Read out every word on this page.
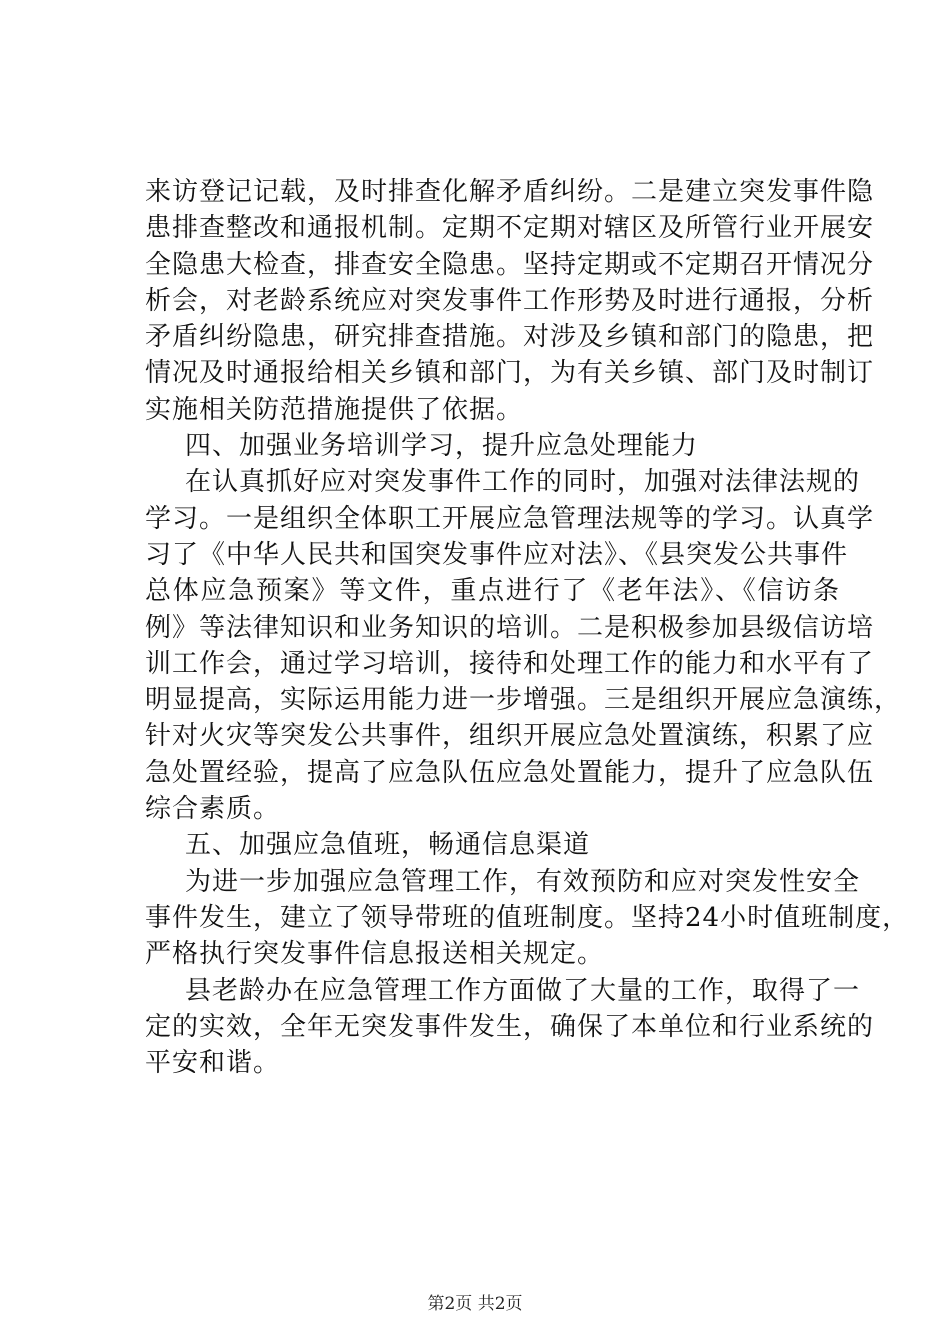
来访登记记载，及时排查化解矛盾纠纷。二是建立突发事件隐
患排查整改和通报机制。定期不定期对辖区及所管行业开展安
全隐患大检查，排查安全隐患。坚持定期或不定期召开情况分
析会，对老龄系统应对突发事件工作形势及时进行通报，分析
矛盾纠纷隐患，研究排查措施。对涉及乡镇和部门的隐患，把
情况及时通报给相关乡镇和部门，为有关乡镇、部门及时制订
实施相关防范措施提供了依据。
四、加强业务培训学习，提升应急处理能力
在认真抓好应对突发事件工作的同时，加强对法律法规的
学习。一是组织全体职工开展应急管理法规等的学习。认真学
习了《中华人民共和国突发事件应对法》、《县突发公共事件
总体应急预案》等文件，重点进行了《老年法》、《信访条
例》等法律知识和业务知识的培训。二是积极参加县级信访培
训工作会，通过学习培训，接待和处理工作的能力和水平有了
明显提高，实际运用能力进一步增强。三是组织开展应急演练，
针对火灾等突发公共事件，组织开展应急处置演练，积累了应
急处置经验，提高了应急队伍应急处置能力，提升了应急队伍
综合素质。
五、加强应急值班，畅通信息渠道
为进一步加强应急管理工作，有效预防和应对突发性安全
事件发生，建立了领导带班的值班制度。坚持24小时值班制度，
严格执行突发事件信息报送相关规定。
县老龄办在应急管理工作方面做了大量的工作，取得了一
定的实效，全年无突发事件发生，确保了本单位和行业系统的
平安和谐。
第2页 共2页
